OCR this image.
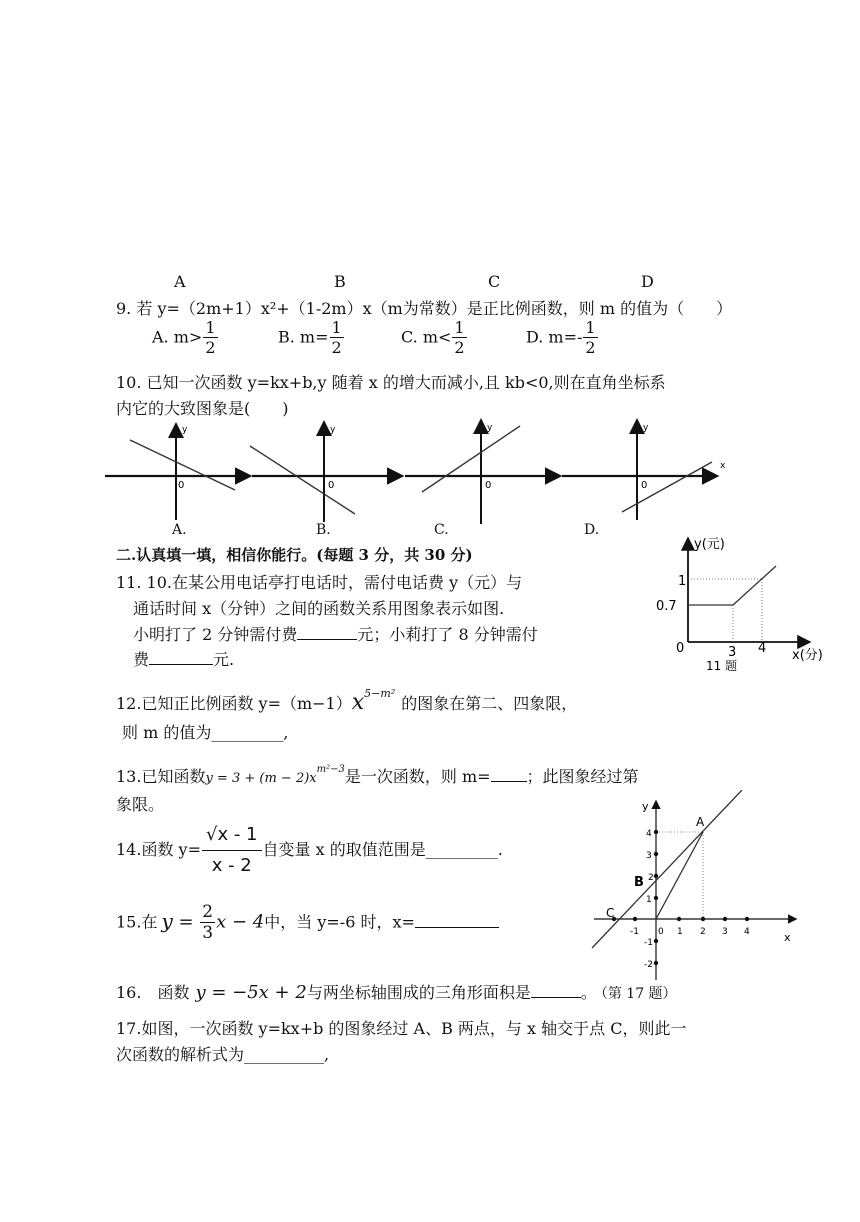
A	B	C	D
9. 若 y=（2m+1）x²+（1-2m）x（m为常数）是正比例函数，则 m 的值为（　　）
A. $m> \frac{1}{2}$	B. $m= \frac{1}{2}$	C. $m< \frac{1}{2}$	D. $m=- \frac{1}{2}$
10. 已知一次函数 y=kx+b,y 随着 x 的增大而减小,且 kb<0,则在直角坐标系
内它的大致图象是(　　)
y
0
y
0
y
0
y
x
0
A.	B.	C.	D.
二.认真填一填，相信你能行。(每题 3 分，共 30 分)
11. 10.在某公用电话亭打电话时，需付电话费 y（元）与
通话时间 x（分钟）之间的函数关系用图象表示如图.
小明打了 2 分钟需付费	元；小莉打了 8 分钟需付
费	元.
y(元)
x(分)
1
0.7
3 4
0
11 题
12.已知正比例函数 $y=(m-1)x^{5-m^2}$的图象在第二、四象限，
则 m 的值为_________,
13.已知函数$y = 3 + (m - 2)x^{m^2-3}$是一次函数，则 m= ；此图象经过第
象限。
14.函数 $y= \frac{√x - 1}{x - 2}$ 自变量 x 的取值范围是_________.
15.在 $y = \frac{2}{3}$ x − 4中，当 y=-6 时，x=
y
x
A
B
C
4
3
2
1
-1
-2
-1 0 1 2 3 4
16.　函数 y = −5x + 2与两坐标轴围成的三角形面积是	。 （第 17 题）
17.如图，一次函数 y=kx+b 的图象经过 A、B 两点，与 x 轴交于点 C，则此一
次函数的解析式为__________,
